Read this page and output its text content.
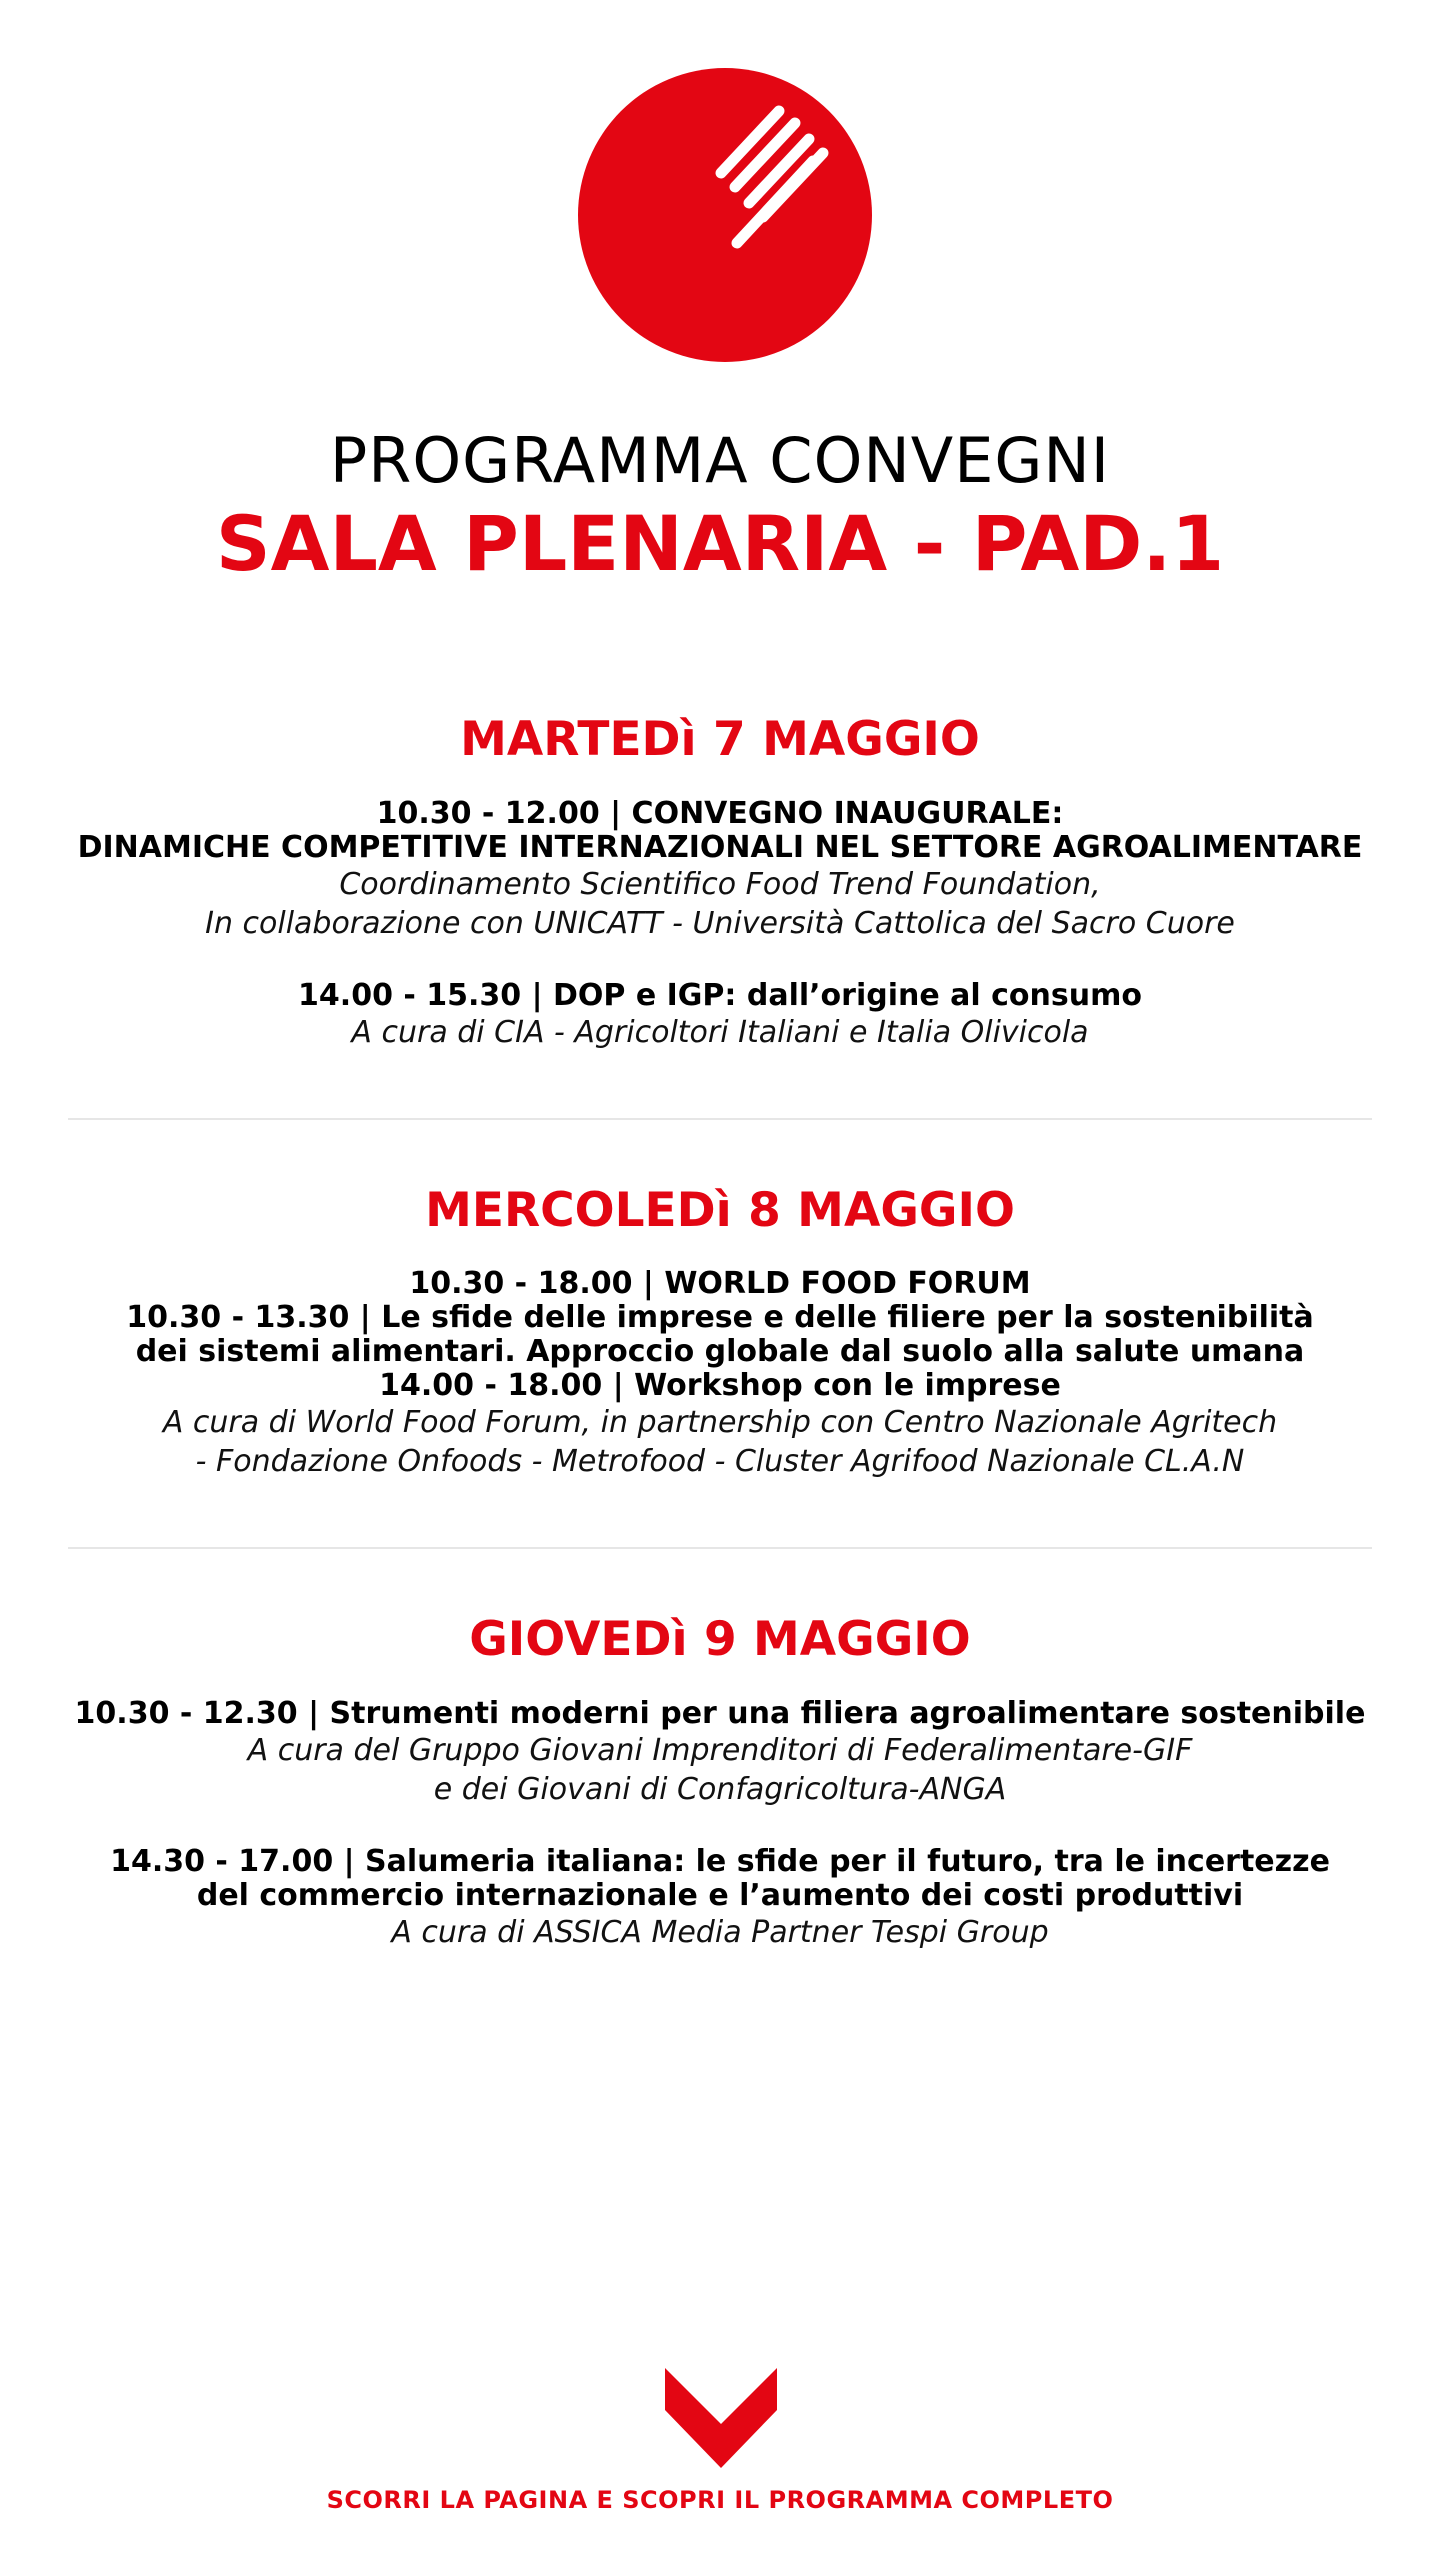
PROGRAMMA CONVEGNI
SALA PLENARIA - PAD.1
MARTEDì 7 MAGGIO
10.30 - 12.00 | CONVEGNO INAUGURALE:
DINAMICHE COMPETITIVE INTERNAZIONALI NEL SETTORE AGROALIMENTARE
Coordinamento Scientifico Food Trend Foundation,
In collaborazione con UNICATT - Università Cattolica del Sacro Cuore
14.00 - 15.30 | DOP e IGP: dall’origine al consumo
A cura di CIA - Agricoltori Italiani e Italia Olivicola
MERCOLEDì 8 MAGGIO
10.30 - 18.00 | WORLD FOOD FORUM
10.30 - 13.30 | Le sfide delle imprese e delle filiere per la sostenibilità
dei sistemi alimentari. Approccio globale dal suolo alla salute umana
14.00 - 18.00 | Workshop con le imprese
A cura di World Food Forum, in partnership con Centro Nazionale Agritech
- Fondazione Onfoods - Metrofood - Cluster Agrifood Nazionale CL.A.N
GIOVEDì 9 MAGGIO
10.30 - 12.30 | Strumenti moderni per una filiera agroalimentare sostenibile
A cura del Gruppo Giovani Imprenditori di Federalimentare-GIF
e dei Giovani di Confagricoltura-ANGA
14.30 - 17.00 | Salumeria italiana: le sfide per il futuro, tra le incertezze
del commercio internazionale e l’aumento dei costi produttivi
A cura di ASSICA Media Partner Tespi Group
SCORRI LA PAGINA E SCOPRI IL PROGRAMMA COMPLETO
